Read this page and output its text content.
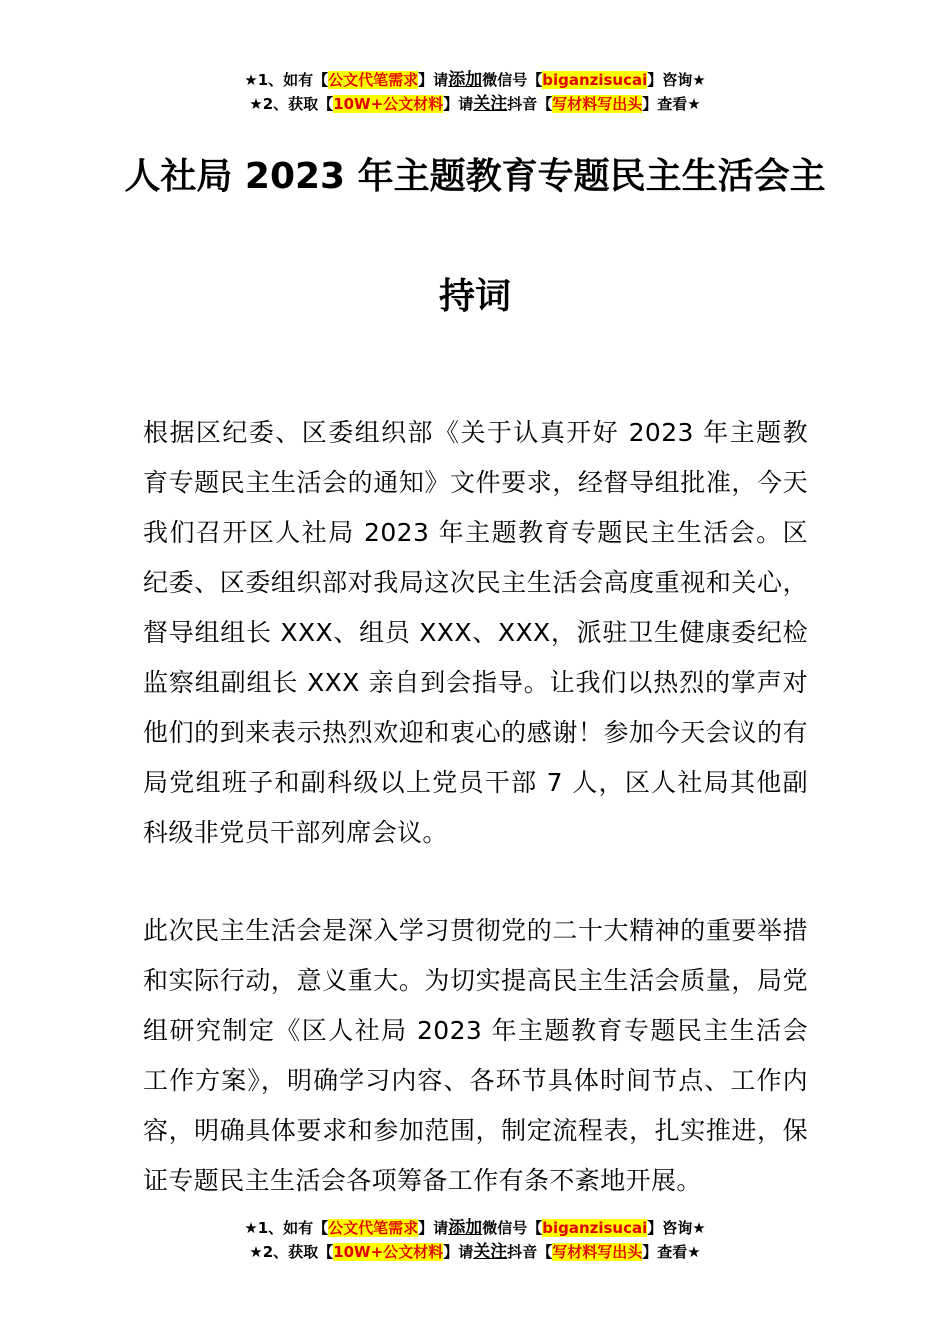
★1、如有【公文代笔需求】请添加微信号【biganzisucai】咨询★
★2、获取【10W+公文材料】请关注抖音【写材料写出头】查看★
人社局 2023 年主题教育专题民主生活会主
持词
根据区纪委、区委组织部《关于认真开好 2023 年主题教育专题民主生活会的通知》文件要求，经督导组批准，今天我们召开区人社局 2023 年主题教育专题民主生活会。区纪委、区委组织部对我局这次民主生活会高度重视和关心，督导组组长 XXX、组员 XXX、XXX，派驻卫生健康委纪检监察组副组长 XXX 亲自到会指导。让我们以热烈的掌声对他们的到来表示热烈欢迎和衷心的感谢！参加今天会议的有局党组班子和副科级以上党员干部 7 人，区人社局其他副科级非党员干部列席会议。
此次民主生活会是深入学习贯彻党的二十大精神的重要举措和实际行动，意义重大。为切实提高民主生活会质量，局党组研究制定《区人社局 2023 年主题教育专题民主生活会工作方案》，明确学习内容、各环节具体时间节点、工作内容，明确具体要求和参加范围，制定流程表，扎实推进，保证专题民主生活会各项筹备工作有条不紊地开展。
★1、如有【公文代笔需求】请添加微信号【biganzisucai】咨询★
★2、获取【10W+公文材料】请关注抖音【写材料写出头】查看★
